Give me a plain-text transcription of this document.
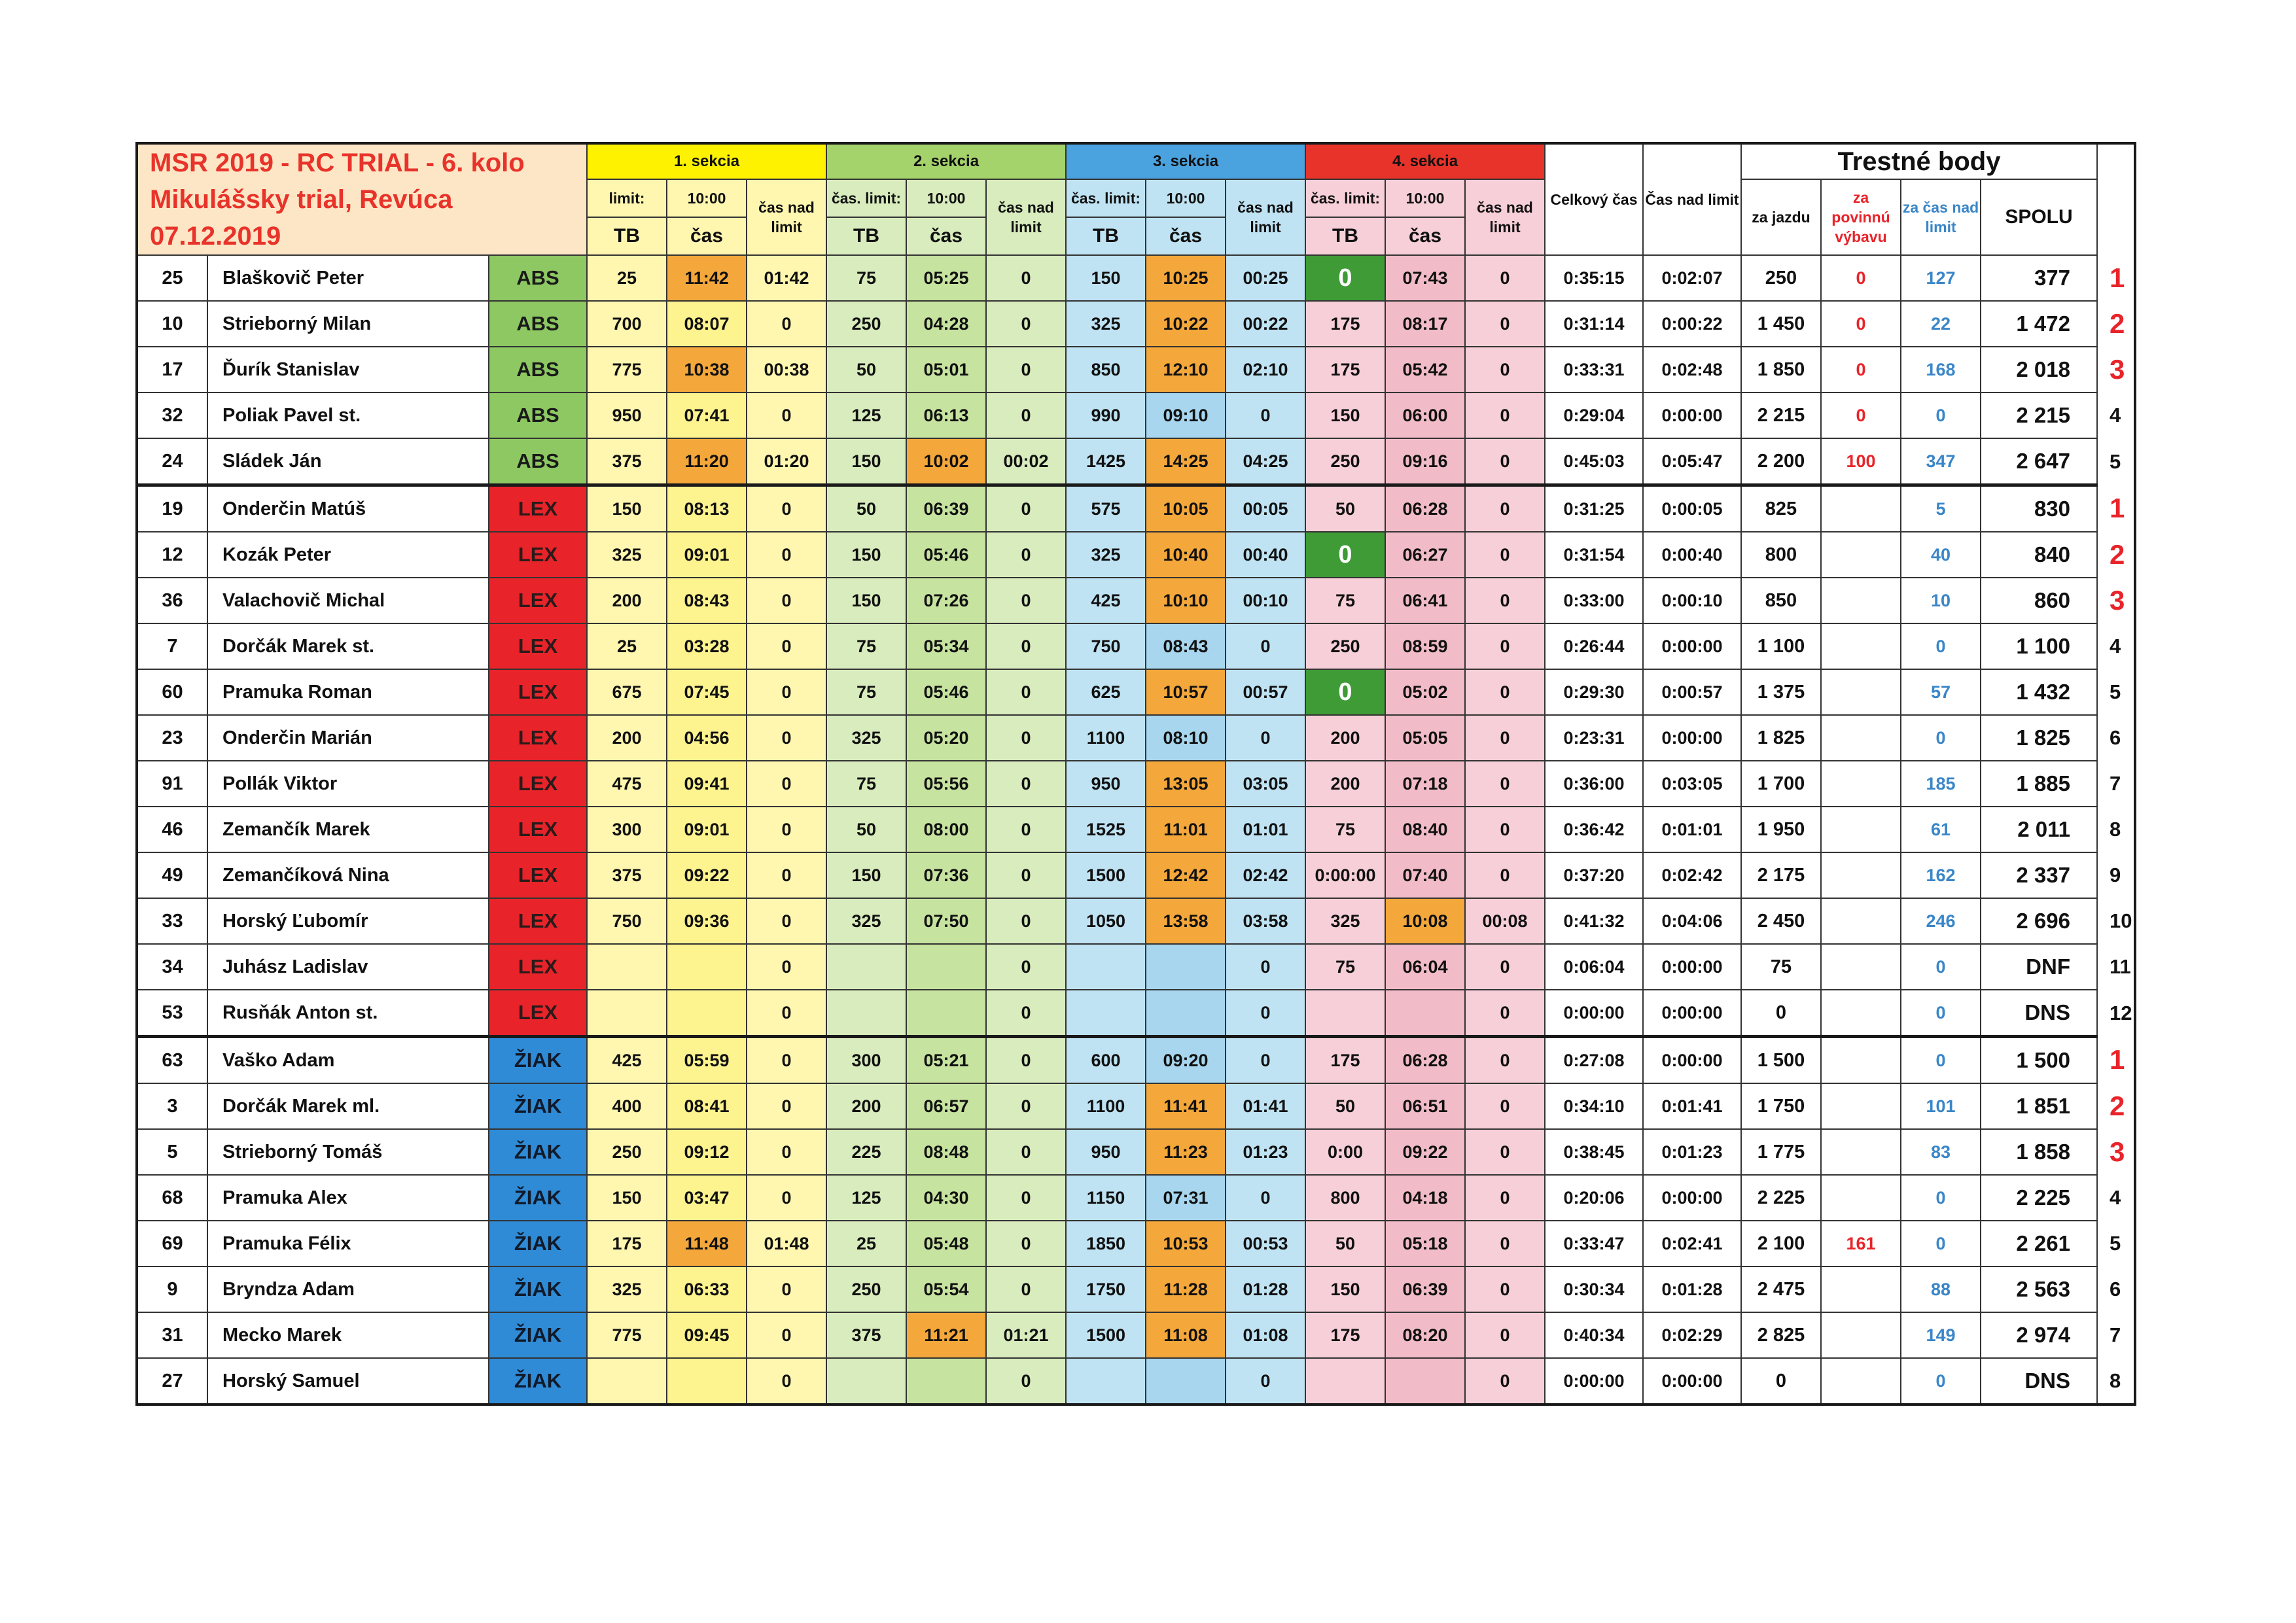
MSR 2019 - RC TRIAL - 6. kolo
Mikulášsky trial, Revúca
07.12.2019			1. sekcia			2. sekcia			3. sekcia			4. sekcia			Celkový čas	Čas nad limit	Trestné body				
			limit:	10:00	čas nad limit	čas. limit:	10:00	čas nad limit	čas. limit:	10:00	čas nad limit	čas. limit:	10:00	čas nad limit			za jazdu	za povinnú výbavu	za čas nad limit	SPOLU	
			TB	čas		TB	čas		TB	čas		TB	čas								
25	Blaškovič Peter	ABS	25	11:42	01:42	75	05:25	0	150	10:25	00:25	0	07:43	0	0:35:15	0:02:07	250	0	127	377	1
10	Strieborný Milan	ABS	700	08:07	0	250	04:28	0	325	10:22	00:22	175	08:17	0	0:31:14	0:00:22	1 450	0	22	1 472	2
17	Ďurík Stanislav	ABS	775	10:38	00:38	50	05:01	0	850	12:10	02:10	175	05:42	0	0:33:31	0:02:48	1 850	0	168	2 018	3
32	Poliak Pavel st.	ABS	950	07:41	0	125	06:13	0	990	09:10	0	150	06:00	0	0:29:04	0:00:00	2 215	0	0	2 215	4
24	Sládek Ján	ABS	375	11:20	01:20	150	10:02	00:02	1425	14:25	04:25	250	09:16	0	0:45:03	0:05:47	2 200	100	347	2 647	5
19	Onderčin Matúš	LEX	150	08:13	0	50	06:39	0	575	10:05	00:05	50	06:28	0	0:31:25	0:00:05	825		5	830	1
12	Kozák Peter	LEX	325	09:01	0	150	05:46	0	325	10:40	00:40	0	06:27	0	0:31:54	0:00:40	800		40	840	2
36	Valachovič Michal	LEX	200	08:43	0	150	07:26	0	425	10:10	00:10	75	06:41	0	0:33:00	0:00:10	850		10	860	3
7	Dorčák Marek st.	LEX	25	03:28	0	75	05:34	0	750	08:43	0	250	08:59	0	0:26:44	0:00:00	1 100		0	1 100	4
60	Pramuka Roman	LEX	675	07:45	0	75	05:46	0	625	10:57	00:57	0	05:02	0	0:29:30	0:00:57	1 375		57	1 432	5
23	Onderčin Marián	LEX	200	04:56	0	325	05:20	0	1100	08:10	0	200	05:05	0	0:23:31	0:00:00	1 825		0	1 825	6
91	Pollák Viktor	LEX	475	09:41	0	75	05:56	0	950	13:05	03:05	200	07:18	0	0:36:00	0:03:05	1 700		185	1 885	7
46	Zemančík Marek	LEX	300	09:01	0	50	08:00	0	1525	11:01	01:01	75	08:40	0	0:36:42	0:01:01	1 950		61	2 011	8
49	Zemančíková Nina	LEX	375	09:22	0	150	07:36	0	1500	12:42	02:42	0:00:00	07:40	0	0:37:20	0:02:42	2 175		162	2 337	9
33	Horský Ľubomír	LEX	750	09:36	0	325	07:50	0	1050	13:58	03:58	325	10:08	00:08	0:41:32	0:04:06	2 450		246	2 696	10
34	Juhász Ladislav	LEX			0			0			0	75	06:04	0	0:06:04	0:00:00	75		0	DNF	11
53	Rusňák Anton st.	LEX			0			0			0			0	0:00:00	0:00:00	0		0	DNS	12
63	Vaško Adam	ŽIAK	425	05:59	0	300	05:21	0	600	09:20	0	175	06:28	0	0:27:08	0:00:00	1 500		0	1 500	1
3	Dorčák Marek ml.	ŽIAK	400	08:41	0	200	06:57	0	1100	11:41	01:41	50	06:51	0	0:34:10	0:01:41	1 750		101	1 851	2
5	Strieborný Tomáš	ŽIAK	250	09:12	0	225	08:48	0	950	11:23	01:23	0:00	09:22	0	0:38:45	0:01:23	1 775		83	1 858	3
68	Pramuka Alex	ŽIAK	150	03:47	0	125	04:30	0	1150	07:31	0	800	04:18	0	0:20:06	0:00:00	2 225		0	2 225	4
69	Pramuka Félix	ŽIAK	175	11:48	01:48	25	05:48	0	1850	10:53	00:53	50	05:18	0	0:33:47	0:02:41	2 100	161	0	2 261	5
9	Bryndza Adam	ŽIAK	325	06:33	0	250	05:54	0	1750	11:28	01:28	150	06:39	0	0:30:34	0:01:28	2 475		88	2 563	6
31	Mecko Marek	ŽIAK	775	09:45	0	375	11:21	01:21	1500	11:08	01:08	175	08:20	0	0:40:34	0:02:29	2 825		149	2 974	7
27	Horský Samuel	ŽIAK			0			0			0			0	0:00:00	0:00:00	0		0	DNS	8
